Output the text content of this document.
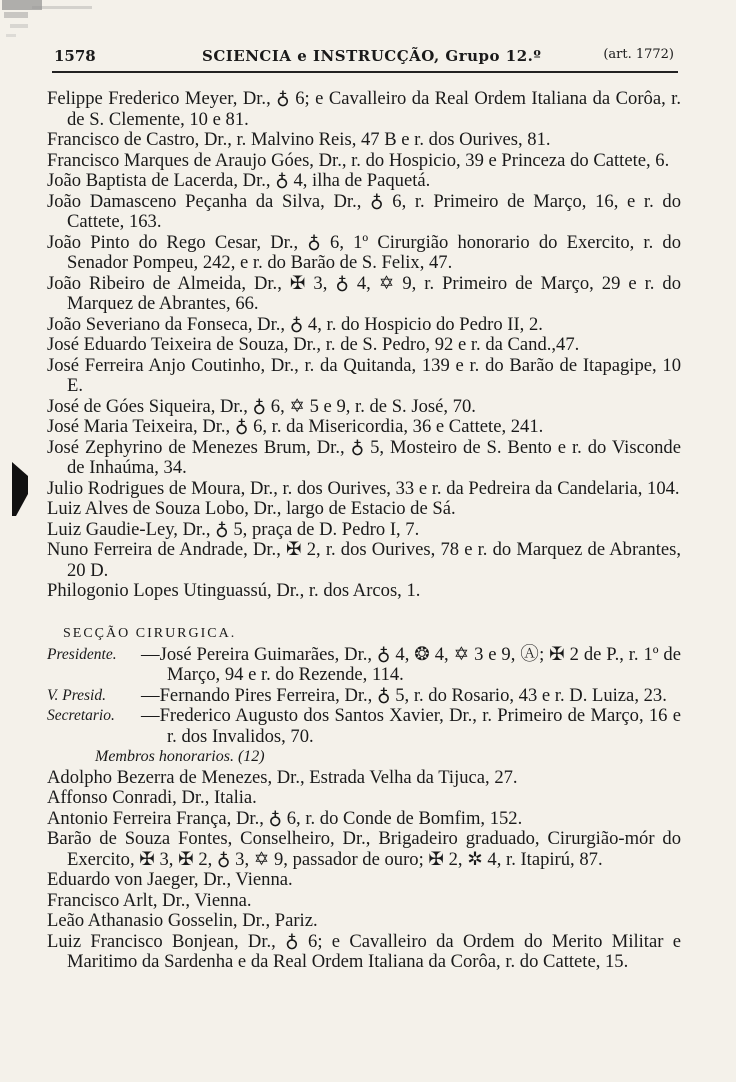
1578	SCIENCIA e INSTRUCÇÃO, Grupo 12.º	(art. 1772)
Felippe Frederico Meyer, Dr., ♁ 6; e Cavalleiro da Real Ordem Italiana da Corôa, r. de S. Clemente, 10 e 81.
Francisco de Castro, Dr., r. Malvino Reis, 47 B e r. dos Ourives, 81.
Francisco Marques de Araujo Góes, Dr., r. do Hospicio, 39 e Princeza do Cattete, 6.
João Baptista de Lacerda, Dr., ♁ 4, ilha de Paquetá.
João Damasceno Peçanha da Silva, Dr., ♁ 6, r. Primeiro de Março, 16, e r. do Cattete, 163.
João Pinto do Rego Cesar, Dr., ♁ 6, 1º Cirurgião honorario do Exercito, r. do Senador Pompeu, 242, e r. do Barão de S. Felix, 47.
João Ribeiro de Almeida, Dr., ✠ 3, ♁ 4, ✡ 9, r. Primeiro de Março, 29 e r. do Marquez de Abrantes, 66.
João Severiano da Fonseca, Dr., ♁ 4, r. do Hospicio do Pedro II, 2.
José Eduardo Teixeira de Souza, Dr., r. de S. Pedro, 92 e r. da Cand.,47.
José Ferreira Anjo Coutinho, Dr., r. da Quitanda, 139 e r. do Barão de Itapagipe, 10 E.
José de Góes Siqueira, Dr., ♁ 6, ✡ 5 e 9, r. de S. José, 70.
José Maria Teixeira, Dr., ♁ 6, r. da Misericordia, 36 e Cattete, 241.
José Zephyrino de Menezes Brum, Dr., ♁ 5, Mosteiro de S. Bento e r. do Visconde de Inhaúma, 34.
Julio Rodrigues de Moura, Dr., r. dos Ourives, 33 e r. da Pedreira da Candelaria, 104.
Luiz Alves de Souza Lobo, Dr., largo de Estacio de Sá.
Luiz Gaudie-Ley, Dr., ♁ 5, praça de D. Pedro I, 7.
Nuno Ferreira de Andrade, Dr., ✠ 2, r. dos Ourives, 78 e r. do Marquez de Abrantes, 20 D.
Philogonio Lopes Utinguassú, Dr., r. dos Arcos, 1.
SECÇÃO CIRURGICA.
Presidente.	—José Pereira Guimarães, Dr., ♁ 4, ❂ 4, ✡ 3 e 9, Ⓐ; ✠ 2 de P., r. 1º de Março, 94 e r. do Rezende, 114.
V. Presid.	—Fernando Pires Ferreira, Dr., ♁ 5, r. do Rosario, 43 e r. D. Luiza, 23.
Secretario.	—Frederico Augusto dos Santos Xavier, Dr., r. Primeiro de Março, 16 e r. dos Invalidos, 70.
Membros honorarios. (12)
Adolpho Bezerra de Menezes, Dr., Estrada Velha da Tijuca, 27.
Affonso Conradi, Dr., Italia.
Antonio Ferreira França, Dr., ♁ 6, r. do Conde de Bomfim, 152.
Barão de Souza Fontes, Conselheiro, Dr., Brigadeiro graduado, Cirurgião-mór do Exercito, ✠ 3, ✠ 2, ♁ 3, ✡ 9, passador de ouro; ✠ 2, ✲ 4, r. Itapirú, 87.
Eduardo von Jaeger, Dr., Vienna.
Francisco Arlt, Dr., Vienna.
Leão Athanasio Gosselin, Dr., Pariz.
Luiz Francisco Bonjean, Dr., ♁ 6; e Cavalleiro da Ordem do Merito Militar e Maritimo da Sardenha e da Real Ordem Italiana da Corôa, r. do Cattete, 15.
